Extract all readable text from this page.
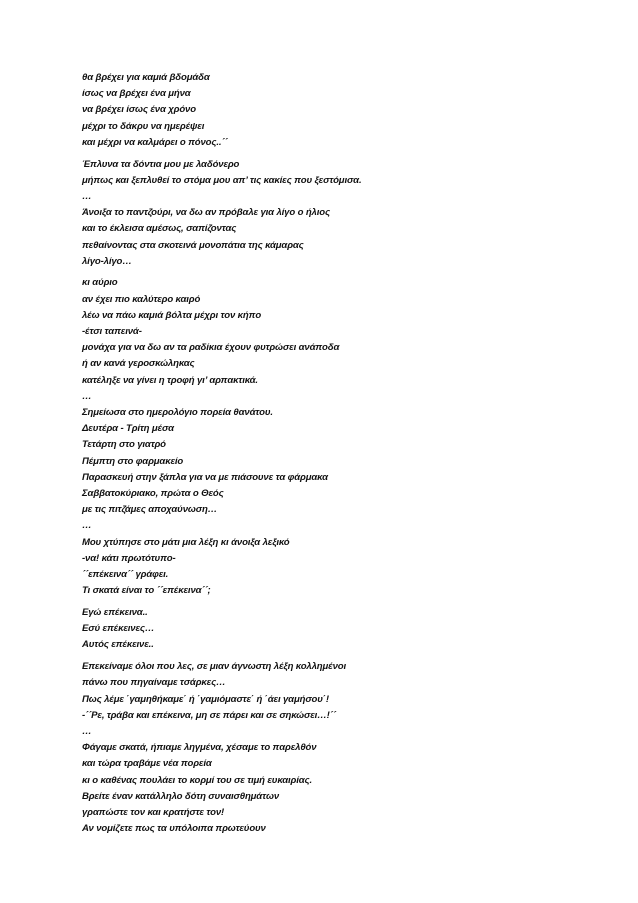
θα βρέχει για καμιά βδομάδα
ίσως να βρέχει ένα μήνα
να βρέχει ίσως ένα χρόνο
μέχρι το δάκρυ να ημερέψει
και μέχρι να καλμάρει ο πόνος..´´
Έπλυνα τα δόντια μου με λαδόνερο
μήπως και ξεπλυθεί το στόμα μου απ’ τις κακίες που ξεστόμισα.
…
Άνοιξα το παντζούρι, να δω αν πρόβαλε για λίγο ο ήλιος
και το έκλεισα αμέσως, σαπίζοντας
πεθαίνοντας στα σκοτεινά μονοπάτια της κάμαρας
λίγο-λίγο…
κι αύριο
αν έχει πιο καλύτερο καιρό
λέω να πάω καμιά βόλτα μέχρι τον κήπο
-έτσι ταπεινά-
μονάχα για να δω αν τα ραδίκια έχουν φυτρώσει ανάποδα
ή αν κανά γεροσκώληκας
κατέληξε να γίνει η τροφή γι’ αρπακτικά.
…
Σημείωσα στο ημερολόγιο πορεία θανάτου.
Δευτέρα - Τρίτη μέσα
Τετάρτη στο γιατρό
Πέμπτη στο φαρμακείο
Παρασκευή στην ξάπλα για να με πιάσουνε τα φάρμακα
Σαββατοκύριακο, πρώτα ο Θεός
με τις πιτζάμες αποχαύνωση…
…
Μου χτύπησε στο μάτι μια λέξη κι άνοιξα λεξικό
-να! κάτι πρωτότυπο-
´´επέκεινα´´ γράφει.
Τι σκατά είναι το ´´επέκεινα´´;
Εγώ επέκεινα..
Εσύ επέκεινες…
Αυτός επέκεινε..
Επεκείναμε όλοι που λες, σε μιαν άγνωστη λέξη κολλημένοι
πάνω που πηγαίναμε τσάρκες…
Πως λέμε ΄γαμηθήκαμε΄ ή ΄γαμιόμαστε΄ ή ΄άει γαμήσου΄!
-´´Ρε, τράβα και επέκεινα, μη σε πάρει και σε σηκώσει…!´´
…
Φάγαμε σκατά, ήπιαμε ληγμένα, χέσαμε το παρελθόν
και τώρα τραβάμε νέα πορεία
κι ο καθένας πουλάει το κορμί του σε τιμή ευκαιρίας.
Βρείτε έναν κατάλληλο δότη συναισθημάτων
γραπώστε τον και κρατήστε τον!
Αν νομίζετε πως τα υπόλοιπα πρωτεύουν
